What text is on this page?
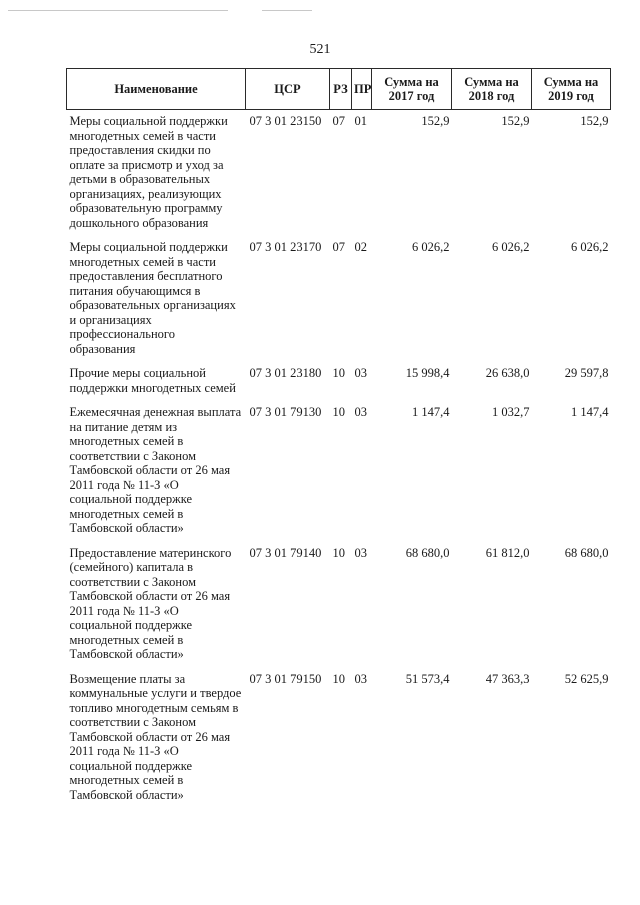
521
Наименование	ЦСР	РЗ	ПР	Сумма на 2017 год	Сумма на 2018 год	Сумма на 2019 год
Меры социальной поддержки многодетных семей в части предоставления скидки по оплате за присмотр и уход за детьми в образовательных организациях, реализующих образовательную программу дошкольного образования	07 3 01 23150	07	01	152,9	152,9	152,9
Меры социальной поддержки многодетных семей в части предоставления бесплатного питания обучающимся в образовательных организациях и организациях профессионального образования	07 3 01 23170	07	02	6 026,2	6 026,2	6 026,2
Прочие меры социальной поддержки многодетных семей	07 3 01 23180	10	03	15 998,4	26 638,0	29 597,8
Ежемесячная денежная выплата на питание детям из многодетных семей в соответствии с Законом Тамбовской области от 26 мая 2011 года № 11-З «О социальной поддержке многодетных семей в Тамбовской области»	07 3 01 79130	10	03	1 147,4	1 032,7	1 147,4
Предоставление материнского (семейного) капитала в соответствии с Законом Тамбовской области от 26 мая 2011 года № 11-З «О социальной поддержке многодетных семей в Тамбовской области»	07 3 01 79140	10	03	68 680,0	61 812,0	68 680,0
Возмещение платы за коммунальные услуги и твердое топливо многодетным семьям в соответствии с Законом Тамбовской области от 26 мая 2011 года № 11-З «О социальной поддержке многодетных семей в Тамбовской области»	07 3 01 79150	10	03	51 573,4	47 363,3	52 625,9
